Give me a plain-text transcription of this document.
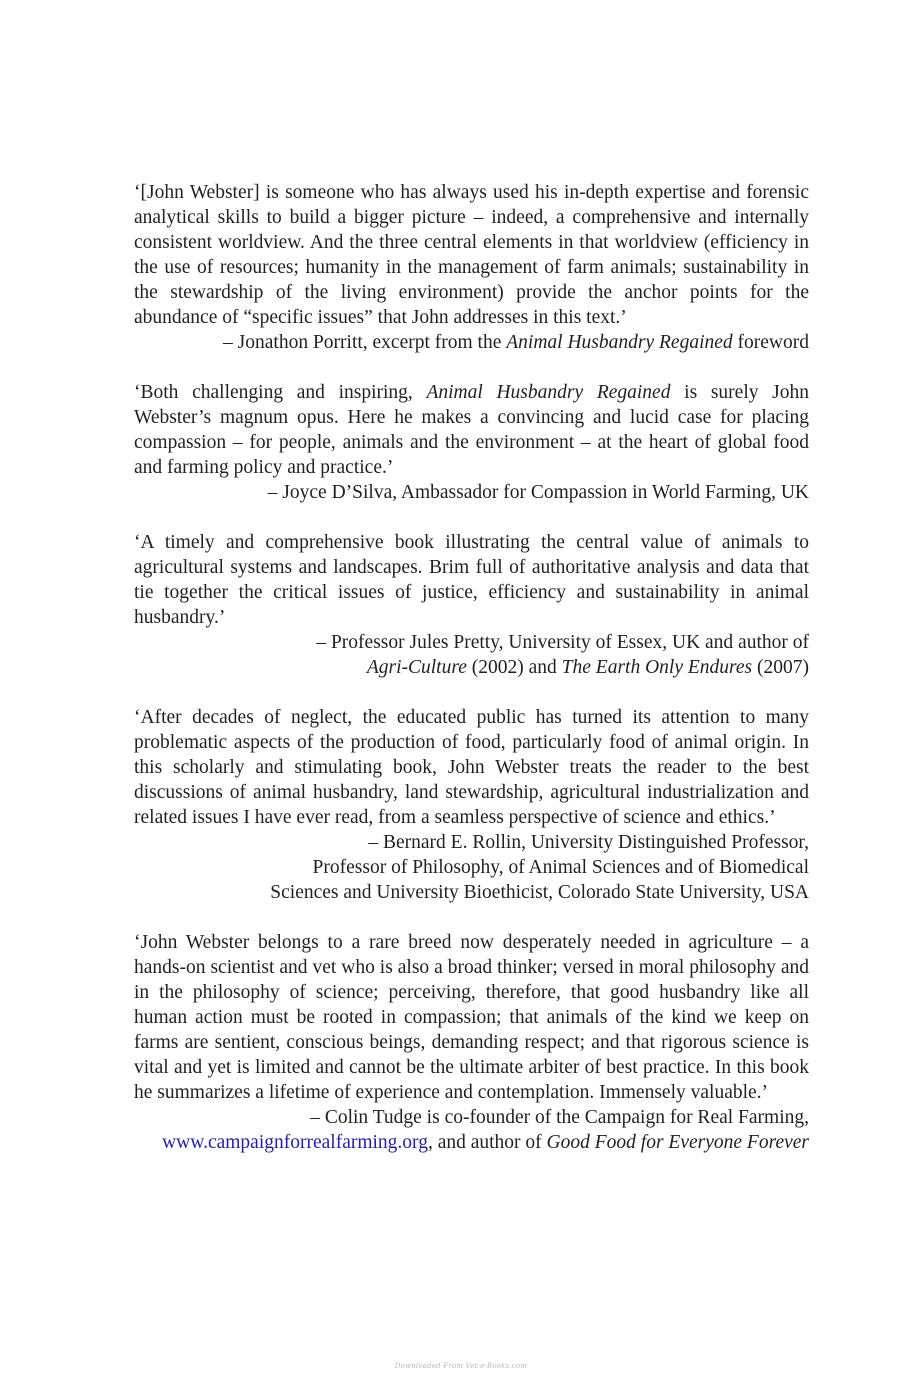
‘[John Webster] is someone who has always used his in-depth expertise and forensic analytical skills to build a bigger picture – indeed, a comprehensive and internally consistent worldview. And the three central elements in that worldview (efficiency in the use of resources; humanity in the management of farm animals; sustainability in the stewardship of the living environment) provide the anchor points for the abundance of “specific issues” that John addresses in this text.’

– Jonathon Porritt, excerpt from the Animal Husbandry Regained foreword

‘Both challenging and inspiring, Animal Husbandry Regained is surely John Webster’s magnum opus. Here he makes a convincing and lucid case for placing compassion – for people, animals and the environment – at the heart of global food and farming policy and practice.’

– Joyce D’Silva, Ambassador for Compassion in World Farming, UK

‘A timely and comprehensive book illustrating the central value of animals to agricultural systems and landscapes. Brim full of authoritative analysis and data that tie together the critical issues of justice, efficiency and sustainability in animal husbandry.’

– Professor Jules Pretty, University of Essex, UK and author of

Agri-Culture (2002) and The Earth Only Endures (2007)

‘After decades of neglect, the educated public has turned its attention to many problematic aspects of the production of food, particularly food of animal origin. In this scholarly and stimulating book, John Webster treats the reader to the best discussions of animal husbandry, land stewardship, agricultural industrialization and related issues I have ever read, from a seamless perspective of science and ethics.’

– Bernard E. Rollin, University Distinguished Professor,

Professor of Philosophy, of Animal Sciences and of Biomedical

Sciences and University Bioethicist, Colorado State University, USA

‘John Webster belongs to a rare breed now desperately needed in agriculture – a hands-on scientist and vet who is also a broad thinker; versed in moral philosophy and in the philosophy of science; perceiving, therefore, that good husbandry like all human action must be rooted in compassion; that animals of the kind we keep on farms are sentient, conscious beings, demanding respect; and that rigorous science is vital and yet is limited and cannot be the ultimate arbiter of best practice. In this book he summarizes a lifetime of experience and contemplation. Immensely valuable.’

– Colin Tudge is co-founder of the Campaign for Real Farming,

www.campaignforrealfarming.org, and author of Good Food for Everyone Forever

Downloaded From Vet-e-Books.com
